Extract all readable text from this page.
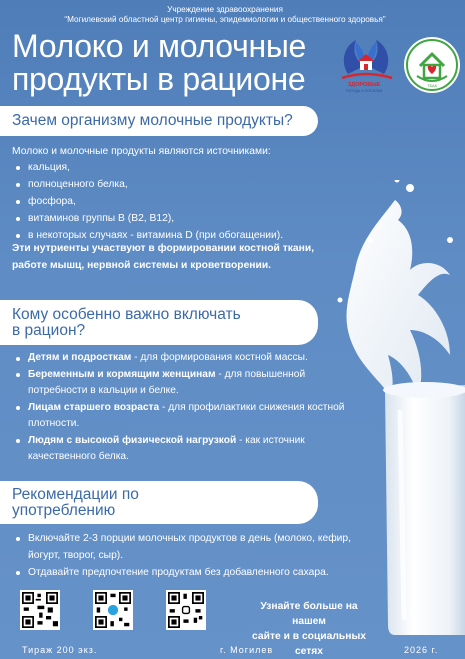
Учреждение здравоохранения
“Могилевский областной центр гигиены, эпидемиологии и общественного здоровья”
Молоко и молочные
продукты в рационе	ЗДОРОВЫЕ
ГОРОДА И ПОСЕЛКИ
ТБАК
Зачем организму молочные продукты?
Молоко и молочные продукты являются источниками:
кальция,
полноценного белка,
фосфора,
витаминов группы В (В2, В12),
в некоторых случаях - витамина D (при обогащении).
Эти нутриенты участвуют в формировании костной ткани,
работе мышц, нервной системы и кроветворении.
Кому особенно важно включать
в рацион?
Детям и подросткам - для формирования костной массы.
Беременным и кормящим женщинам - для повышенной потребности в кальции и белке.
Лицам старшего возраста - для профилактики снижения костной плотности.
Людям с высокой физической нагрузкой - как источник качественного белка.
Рекомендации по
употреблению
Включайте 2-3 порции молочных продуктов в день (молоко, кефир, йогурт, творог, сыр).
Отдавайте предпочтение продуктам без добавленного сахара.
Узнайте больше на нашем
сайте и в социальных сетях
Тираж 200 экз.	г. Могилев	2026 г.
